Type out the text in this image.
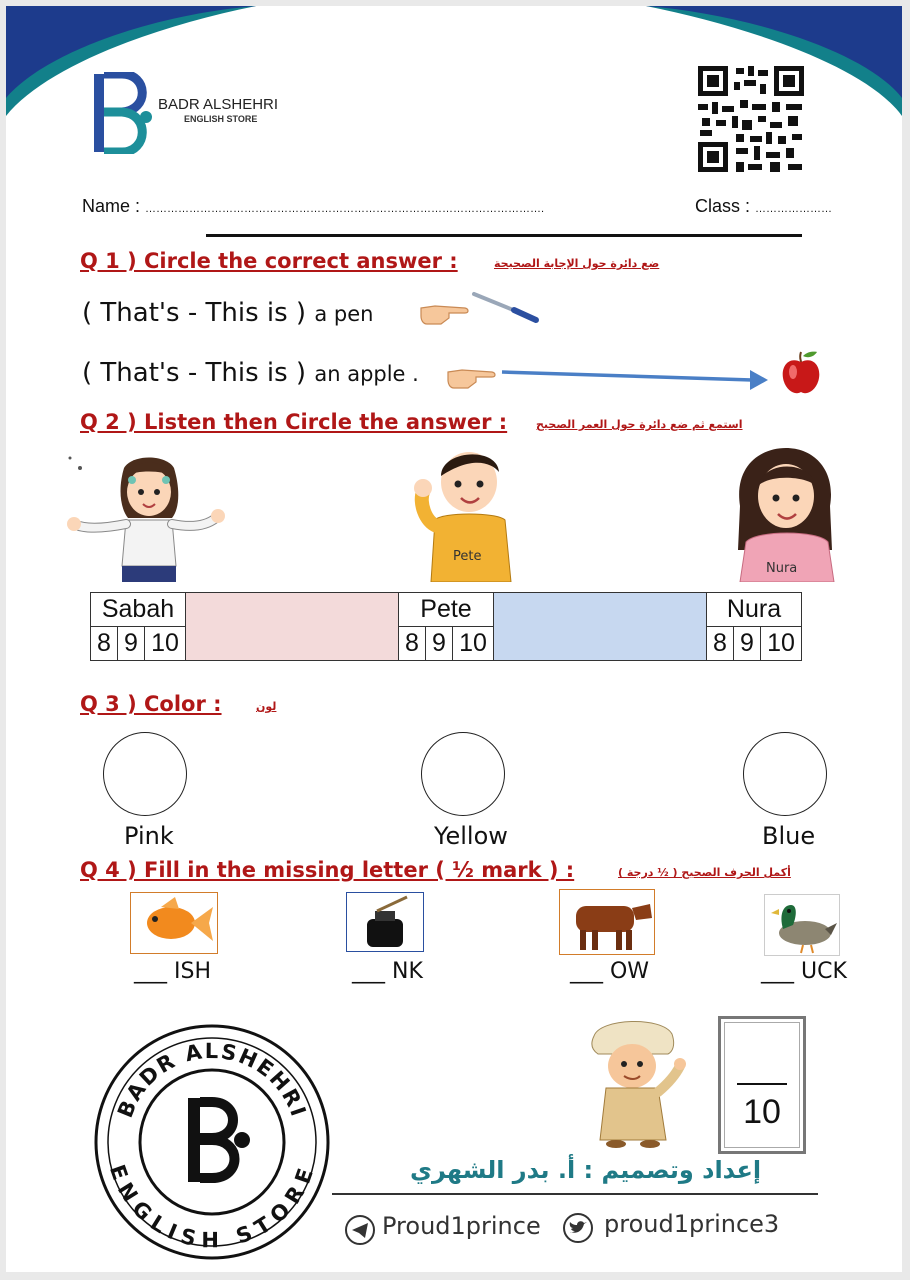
BADR ALSHEHRI
ENGLISH STORE
Name : ……………………………………………………………………………………………….	Class : …………………
Q 1 ) Circle the correct answer :	ضع دائرة حول الإجابة الصحيحة
( That's - This is ) a pen
( That's - This is ) an apple .
Q 2 ) Listen then Circle the answer :	استمع ثم ضع دائرة حول العمر الصحيح
Pete
Nura
Sabah				Pete				Nura		
8	9	10		8	9	10		8	9	10
Q 3 ) Color :	لون
Pink	Yellow	Blue
Q 4 ) Fill in the missing letter ( ½ mark ) :	أكمل الحرف الصحيح ( ½ درجة )
___ ISH	___ NK	___ OW	___ UCK
BADR ALSHEHRI
ENGLISH STORE
10
إعداد وتصميم : أ. بدر الشهري
Proud1prince	proud1prince3
